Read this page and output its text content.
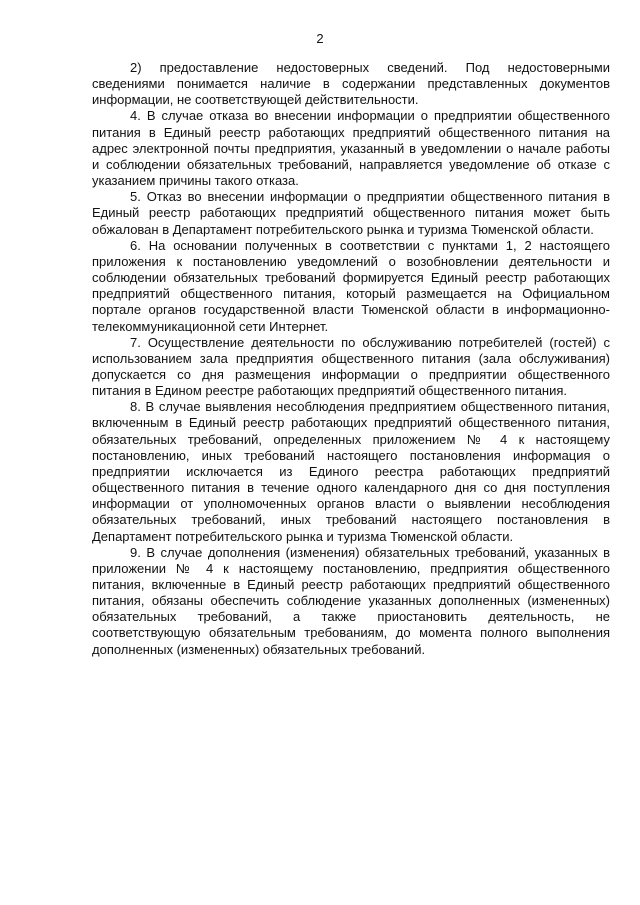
2

2) предоставление недостоверных сведений. Под недостоверными сведениями понимается наличие в содержании представленных документов информации, не соответствующей действительности.

4. В случае отказа во внесении информации о предприятии общественного питания в Единый реестр работающих предприятий общественного питания на адрес электронной почты предприятия, указанный в уведомлении о начале работы и соблюдении обязательных требований, направляется уведомление об отказе с указанием причины такого отказа.

5. Отказ во внесении информации о предприятии общественного питания в Единый реестр работающих предприятий общественного питания может быть обжалован в Департамент потребительского рынка и туризма Тюменской области.

6. На основании полученных в соответствии с пунктами 1, 2 настоящего приложения к постановлению уведомлений о возобновлении деятельности и соблюдении обязательных требований формируется Единый реестр работающих предприятий общественного питания, который размещается на Официальном портале органов государственной власти Тюменской области в информационно-телекоммуникационной сети Интернет.

7. Осуществление деятельности по обслуживанию потребителей (гостей) с использованием зала предприятия общественного питания (зала обслуживания) допускается со дня размещения информации о предприятии общественного питания в Едином реестре работающих предприятий общественного питания.

8. В случае выявления несоблюдения предприятием общественного питания, включенным в Единый реестр работающих предприятий общественного питания, обязательных требований, определенных приложением № 4 к настоящему постановлению, иных требований настоящего постановления информация о предприятии исключается из Единого реестра работающих предприятий общественного питания в течение одного календарного дня со дня поступления информации от уполномоченных органов власти о выявлении несоблюдения обязательных требований, иных требований настоящего постановления в Департамент потребительского рынка и туризма Тюменской области.

9. В случае дополнения (изменения) обязательных требований, указанных в приложении № 4 к настоящему постановлению, предприятия общественного питания, включенные в Единый реестр работающих предприятий общественного питания, обязаны обеспечить соблюдение указанных дополненных (измененных) обязательных требований, а также приостановить деятельность, не соответствующую обязательным требованиям, до момента полного выполнения дополненных (измененных) обязательных требований.
